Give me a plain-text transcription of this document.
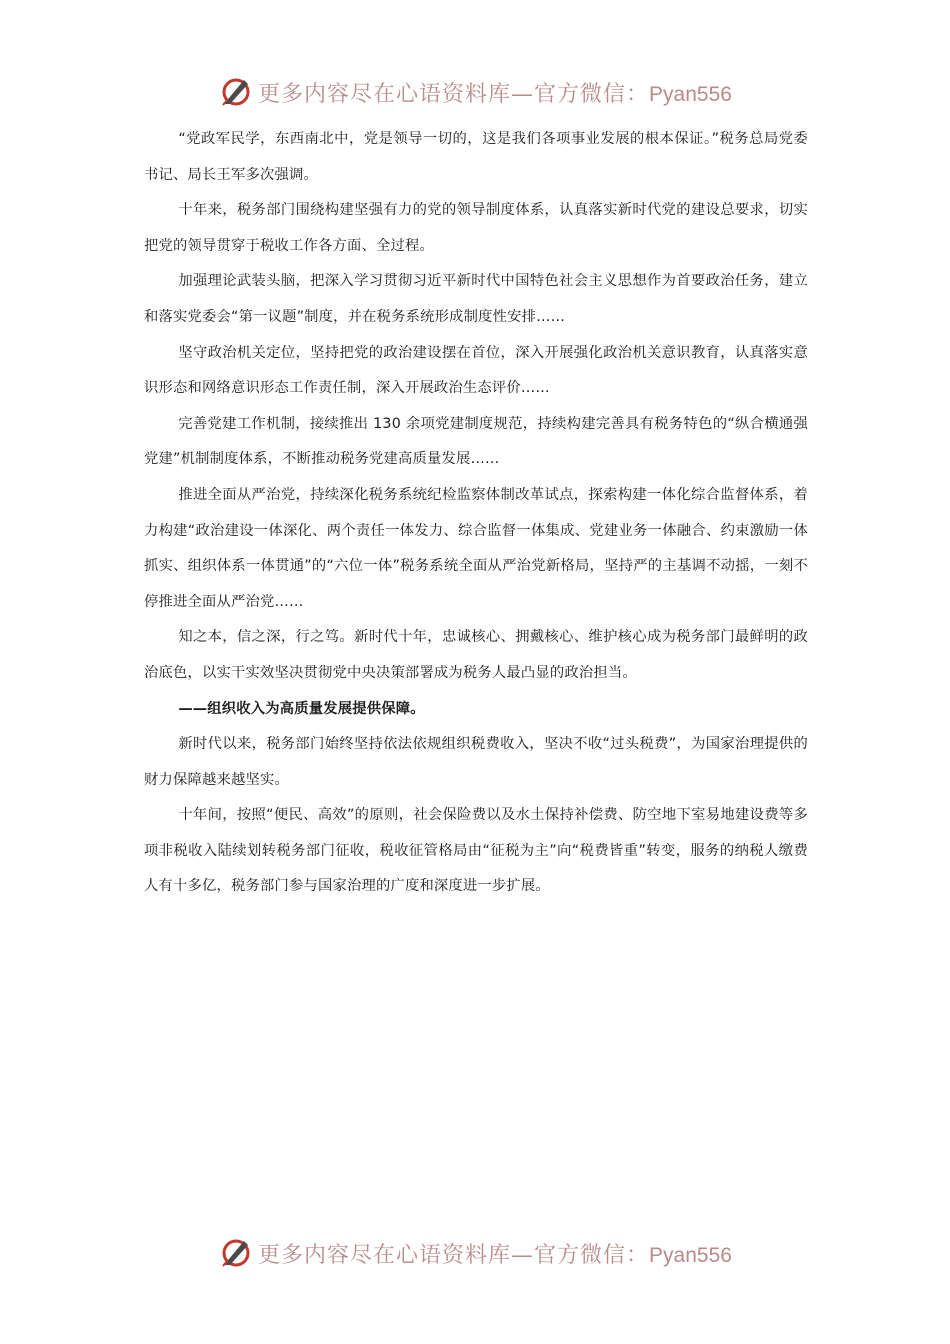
更多内容尽在心语资料库—官方微信：Pyan556

“党政军民学，东西南北中，党是领导一切的，这是我们各项事业发展的根本保证。”税务总局党委书记、局长王军多次强调。

十年来，税务部门围绕构建坚强有力的党的领导制度体系，认真落实新时代党的建设总要求，切实把党的领导贯穿于税收工作各方面、全过程。

加强理论武装头脑，把深入学习贯彻习近平新时代中国特色社会主义思想作为首要政治任务，建立和落实党委会“第一议题”制度，并在税务系统形成制度性安排……

坚守政治机关定位，坚持把党的政治建设摆在首位，深入开展强化政治机关意识教育，认真落实意识形态和网络意识形态工作责任制，深入开展政治生态评价……

完善党建工作机制，接续推出 130 余项党建制度规范，持续构建完善具有税务特色的“纵合横通强党建”机制制度体系，不断推动税务党建高质量发展……

推进全面从严治党，持续深化税务系统纪检监察体制改革试点，探索构建一体化综合监督体系，着力构建“政治建设一体深化、两个责任一体发力、综合监督一体集成、党建业务一体融合、约束激励一体抓实、组织体系一体贯通”的“六位一体”税务系统全面从严治党新格局，坚持严的主基调不动摇，一刻不停推进全面从严治党……

知之本，信之深，行之笃。新时代十年，忠诚核心、拥戴核心、维护核心成为税务部门最鲜明的政治底色，以实干实效坚决贯彻党中央决策部署成为税务人最凸显的政治担当。

——组织收入为高质量发展提供保障。

新时代以来，税务部门始终坚持依法依规组织税费收入，坚决不收“过头税费”，为国家治理提供的财力保障越来越坚实。

十年间，按照“便民、高效”的原则，社会保险费以及水土保持补偿费、防空地下室易地建设费等多项非税收入陆续划转税务部门征收，税收征管格局由“征税为主”向“税费皆重”转变，服务的纳税人缴费人有十多亿，税务部门参与国家治理的广度和深度进一步扩展。

更多内容尽在心语资料库—官方微信：Pyan556
